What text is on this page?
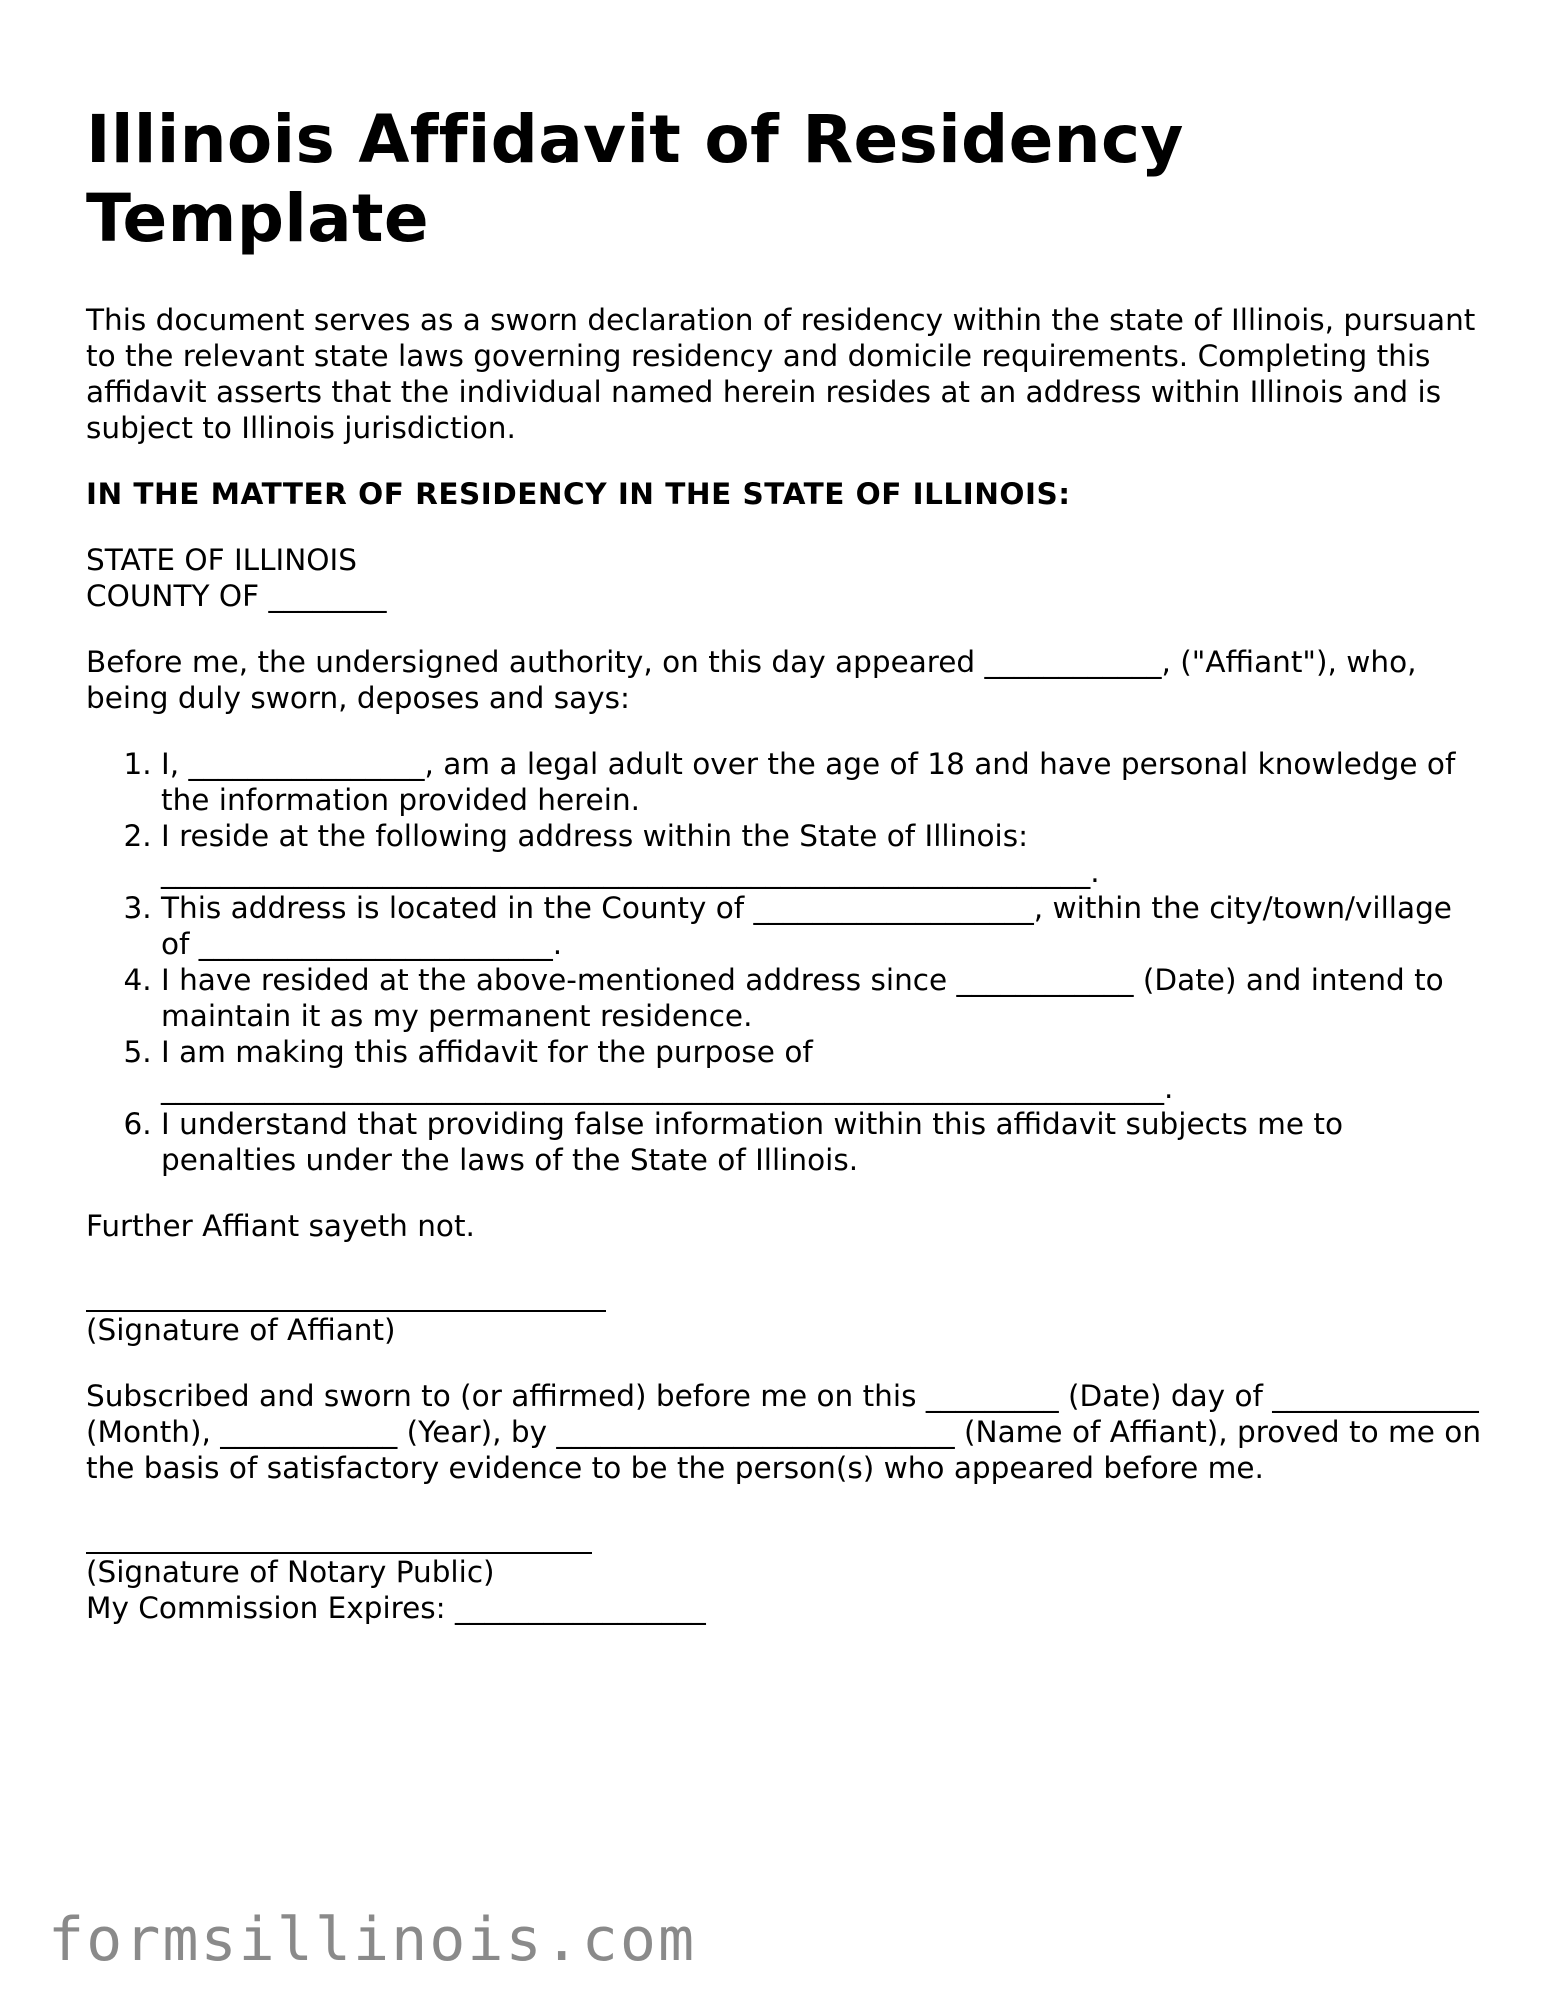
Illinois Affidavit of Residency Template

This document serves as a sworn declaration of residency within the state of Illinois, pursuant to the relevant state laws governing residency and domicile requirements. Completing this affidavit asserts that the individual named herein resides at an address within Illinois and is subject to Illinois jurisdiction.

IN THE MATTER OF RESIDENCY IN THE STATE OF ILLINOIS:

STATE OF ILLINOIS

COUNTY OF ________

Before me, the undersigned authority, on this day appeared ____________, ("Affiant"), who, being duly sworn, deposes and says:

1. I, ________________, am a legal adult over the age of 18 and have personal knowledge of the information provided herein.
2. I reside at the following address within the State of Illinois: _______________________________________________________________.
3. This address is located in the County of ___________________, within the city/town/village of ________________________.
4. I have resided at the above-mentioned address since ____________ (Date) and intend to maintain it as my permanent residence.
5. I am making this affidavit for the purpose of ____________________________________________________________________.
6. I understand that providing false information within this affidavit subjects me to penalties under the laws of the State of Illinois.

Further Affiant sayeth not.

(Signature of Affiant)

Subscribed and sworn to (or affirmed) before me on this _________ (Date) day of ______________ (Month), ____________ (Year), by ___________________________ (Name of Affiant), proved to me on the basis of satisfactory evidence to be the person(s) who appeared before me.

(Signature of Notary Public)

My Commission Expires: _________________

formsillinois.com
